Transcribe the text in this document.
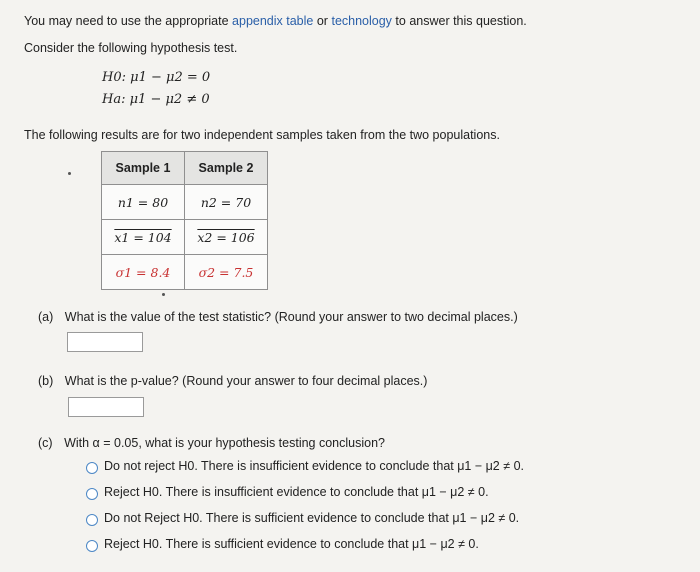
You may need to use the appropriate appendix table or technology to answer this question.
Consider the following hypothesis test.
H0: μ1 − μ2 = 0
Ha: μ1 − μ2 ≠ 0
The following results are for two independent samples taken from the two populations.
Sample 1	Sample 2
n1 = 80	n2 = 70
x1 = 104	x2 = 106
σ1 = 8.4	σ2 = 7.5
(a) What is the value of the test statistic? (Round your answer to two decimal places.)
(b) What is the p-value? (Round your answer to four decimal places.)
(c) With α = 0.05, what is your hypothesis testing conclusion?
Do not reject H0. There is insufficient evidence to conclude that μ1 − μ2 ≠ 0.
Reject H0. There is insufficient evidence to conclude that μ1 − μ2 ≠ 0.
Do not Reject H0. There is sufficient evidence to conclude that μ1 − μ2 ≠ 0.
Reject H0. There is sufficient evidence to conclude that μ1 − μ2 ≠ 0.
